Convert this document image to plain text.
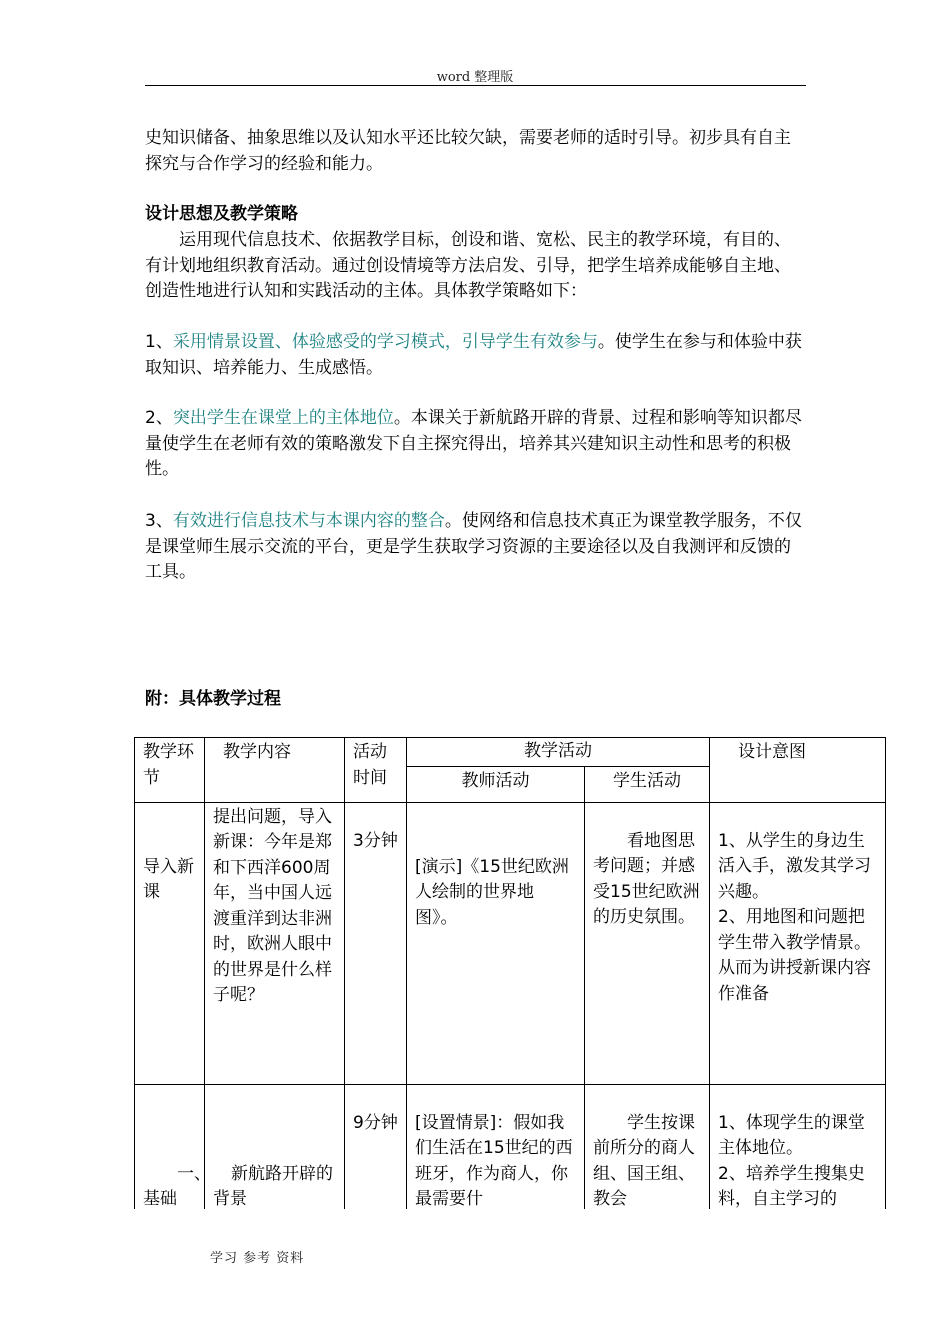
word 整理版

史知识储备、抽象思维以及认知水平还比较欠缺，需要老师的适时引导。初步具有自主探究与合作学习的经验和能力。

设计思想及教学策略

运用现代信息技术、依据教学目标，创设和谐、宽松、民主的教学环境，有目的、有计划地组织教育活动。通过创设情境等方法启发、引导，把学生培养成能够自主地、创造性地进行认知和实践活动的主体。具体教学策略如下：

1、采用情景设置、体验感受的学习模式，引导学生有效参与。使学生在参与和体验中获取知识、培养能力、生成感悟。

2、突出学生在课堂上的主体地位。本课关于新航路开辟的背景、过程和影响等知识都尽量使学生在老师有效的策略激发下自主探究得出，培养其兴建知识主动性和思考的积极性。

3、有效进行信息技术与本课内容的整合。使网络和信息技术真正为课堂教学服务，不仅是课堂师生展示交流的平台，更是学生获取学习资源的主要途径以及自我测评和反馈的工具。

附：具体教学过程

教学环节	教学内容	活动时间	教学活动		设计意图
			教师活动	学生活动	
导入新课	提出问题，导入新课：今年是郑和下西洋600周年，当中国人远渡重洋到达非洲时，欧洲人眼中的世界是什么样子呢？	3分钟	[演示]《15世纪欧洲人绘制的世界地图》。	看地图思考问题；并感受15世纪欧洲的历史氛围。	1、从学生的身边生活入手，激发其学习兴趣。
2、用地图和问题把学生带入教学情景。从而为讲授新课内容作准备

一、基础	新航路开辟的背景	9分钟	[设置情景]：假如我们生活在15世纪的西班牙，作为商人，你最需要什	学生按课前所分的商人组、国王组、教会	1、体现学生的课堂主体地位。
2、培养学生搜集史料，自主学习的
学习 参考 资料
